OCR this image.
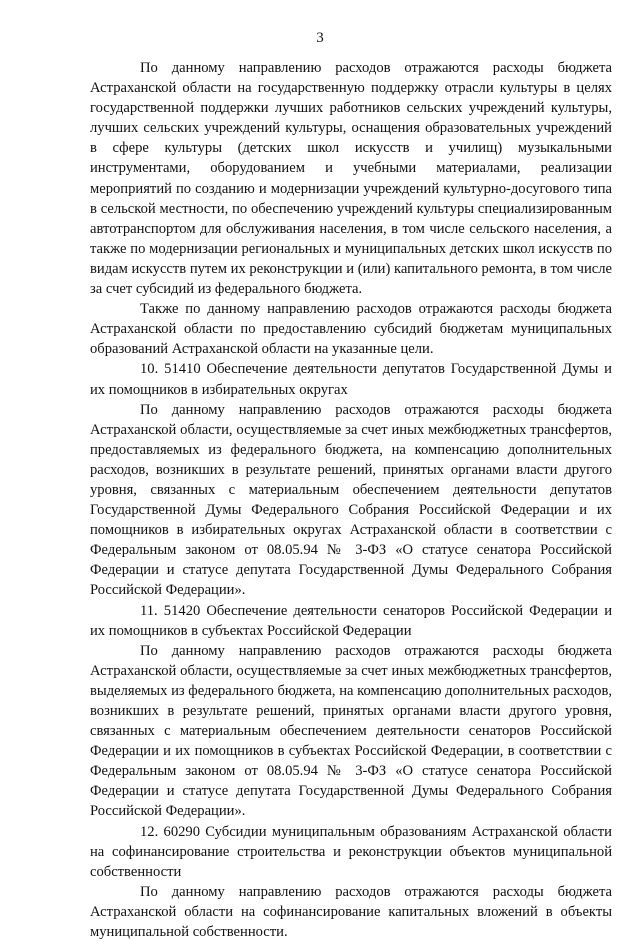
3

По данному направлению расходов отражаются расходы бюджета Астраханской области на государственную поддержку отрасли культуры в целях государственной поддержки лучших работников сельских учреждений культуры, лучших сельских учреждений культуры, оснащения образовательных учреждений в сфере культуры (детских школ искусств и училищ) музыкальными инструментами, оборудованием и учебными материалами, реализации мероприятий по созданию и модернизации учреждений культурно-досугового типа в сельской местности, по обеспечению учреждений культуры специализированным автотранспортом для обслуживания населения, в том числе сельского населения, а также по модернизации региональных и муниципальных детских школ искусств по видам искусств путем их реконструкции и (или) капитального ремонта, в том числе за счет субсидий из федерального бюджета.

Также по данному направлению расходов отражаются расходы бюджета Астраханской области по предоставлению субсидий бюджетам муниципальных образований Астраханской области на указанные цели.

10. 51410 Обеспечение деятельности депутатов Государственной Думы и их помощников в избирательных округах

По данному направлению расходов отражаются расходы бюджета Астраханской области, осуществляемые за счет иных межбюджетных трансфертов, предоставляемых из федерального бюджета, на компенсацию дополнительных расходов, возникших в результате решений, принятых органами власти другого уровня, связанных с материальным обеспечением деятельности депутатов Государственной Думы Федерального Собрания Российской Федерации и их помощников в избирательных округах Астраханской области в соответствии с Федеральным законом от 08.05.94 № 3-ФЗ «О статусе сенатора Российской Федерации и статусе депутата Государственной Думы Федерального Собрания Российской Федерации».

11. 51420 Обеспечение деятельности сенаторов Российской Федерации и их помощников в субъектах Российской Федерации

По данному направлению расходов отражаются расходы бюджета Астраханской области, осуществляемые за счет иных межбюджетных трансфертов, выделяемых из федерального бюджета, на компенсацию дополнительных расходов, возникших в результате решений, принятых органами власти другого уровня, связанных с материальным обеспечением деятельности сенаторов Российской Федерации и их помощников в субъектах Российской Федерации, в соответствии с Федеральным законом от 08.05.94 № 3-ФЗ «О статусе сенатора Российской Федерации и статусе депутата Государственной Думы Федерального Собрания Российской Федерации».

12. 60290 Субсидии муниципальным образованиям Астраханской области на софинансирование строительства и реконструкции объектов муниципальной собственности

По данному направлению расходов отражаются расходы бюджета Астраханской области на софинансирование капитальных вложений в объекты муниципальной собственности.
